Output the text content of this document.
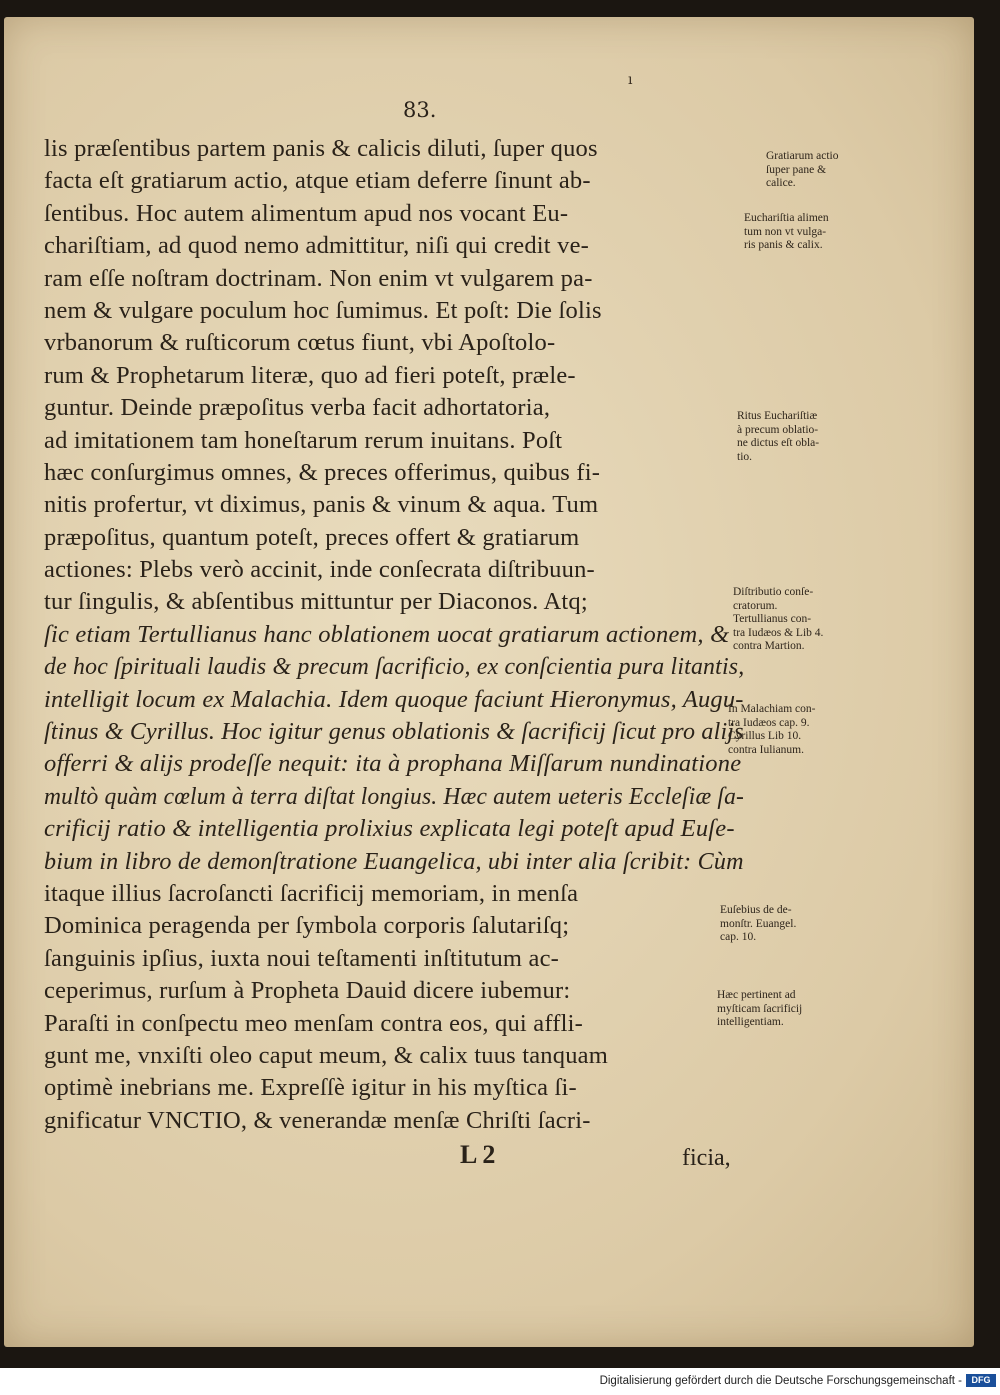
ı
83.
lis præſentibus partem panis & calicis diluti, ſuper quos
facta eſt gratiarum actio, atque etiam deferre ſinunt ab-
ſentibus. Hoc autem alimentum apud nos vocant Eu-
chariſtiam, ad quod nemo admittitur, niſi qui credit ve-
ram eſſe noſtram doctrinam. Non enim vt vulgarem pa-
nem & vulgare poculum hoc ſumimus. Et poſt: Die ſolis
vrbanorum & ruſticorum cœtus fiunt, vbi Apoſtolo-
rum & Prophetarum literæ, quo ad fieri poteſt, præle-
guntur. Deinde præpoſitus verba facit adhortatoria,
ad imitationem tam honeſtarum rerum inuitans. Poſt
hæc conſurgimus omnes, & preces offerimus, quibus fi-
nitis profertur, vt diximus, panis & vinum & aqua. Tum
præpoſitus, quantum poteſt, preces offert & gratiarum
actiones: Plebs verò accinit, inde conſecrata diſtribuun-
tur ſingulis, & abſentibus mittuntur per Diaconos. Atq;
ſic etiam Tertullianus hanc oblationem uocat gratiarum actionem, &
de hoc ſpirituali laudis & precum ſacrificio, ex conſcientia pura litantis,
intelligit locum ex Malachia. Idem quoque faciunt Hieronymus, Augu-
ſtinus & Cyrillus. Hoc igitur genus oblationis & ſacrificij ſicut pro alijs
offerri & alijs prodeſſe nequit: ita à prophana Miſſarum nundinatione
multò quàm cœlum à terra diſtat longius. Hæc autem ueteris Eccleſiæ ſa-
crificij ratio & intelligentia prolixius explicata legi poteſt apud Euſe-
bium in libro de demonſtratione Euangelica, ubi inter alia ſcribit: Cùm
itaque illius ſacroſancti ſacrificij memoriam, in menſa
Dominica peragenda per ſymbola corporis ſalutariſq;
ſanguinis ipſius, iuxta noui teſtamenti inſtitutum ac-
ceperimus, rurſum à Propheta Dauid dicere iubemur:
Paraſti in conſpectu meo menſam contra eos, qui affli-
gunt me, vnxiſti oleo caput meum, & calix tuus tanquam
optimè inebrians me. Expreſſè igitur in his myſtica ſi-
gnificatur VNCTIO, & venerandæ menſæ Chriſti ſacri-
Gratiarum actio
ſuper pane &
calice.
Euchariſtia alimen
tum non vt vulga-
ris panis & calix.
Ritus Euchariſtiæ
à precum oblatio-
ne dictus eſt obla-
tio.
Diſtributio conſe-
cratorum.
Tertullianus con-
tra Iudæos & Lib 4.
contra Martion.
In Malachiam con-
tra Iudæos cap. 9.
Cyrillus Lib 10.
contra Iulianum.
Euſebius de de-
monſtr. Euangel.
cap. 10.
Hæc pertinent ad
myſticam ſacrificij
intelligentiam.
L 2	ficia,
Digitalisierung gefördert durch die Deutsche Forschungsgemeinschaft -	DFG
